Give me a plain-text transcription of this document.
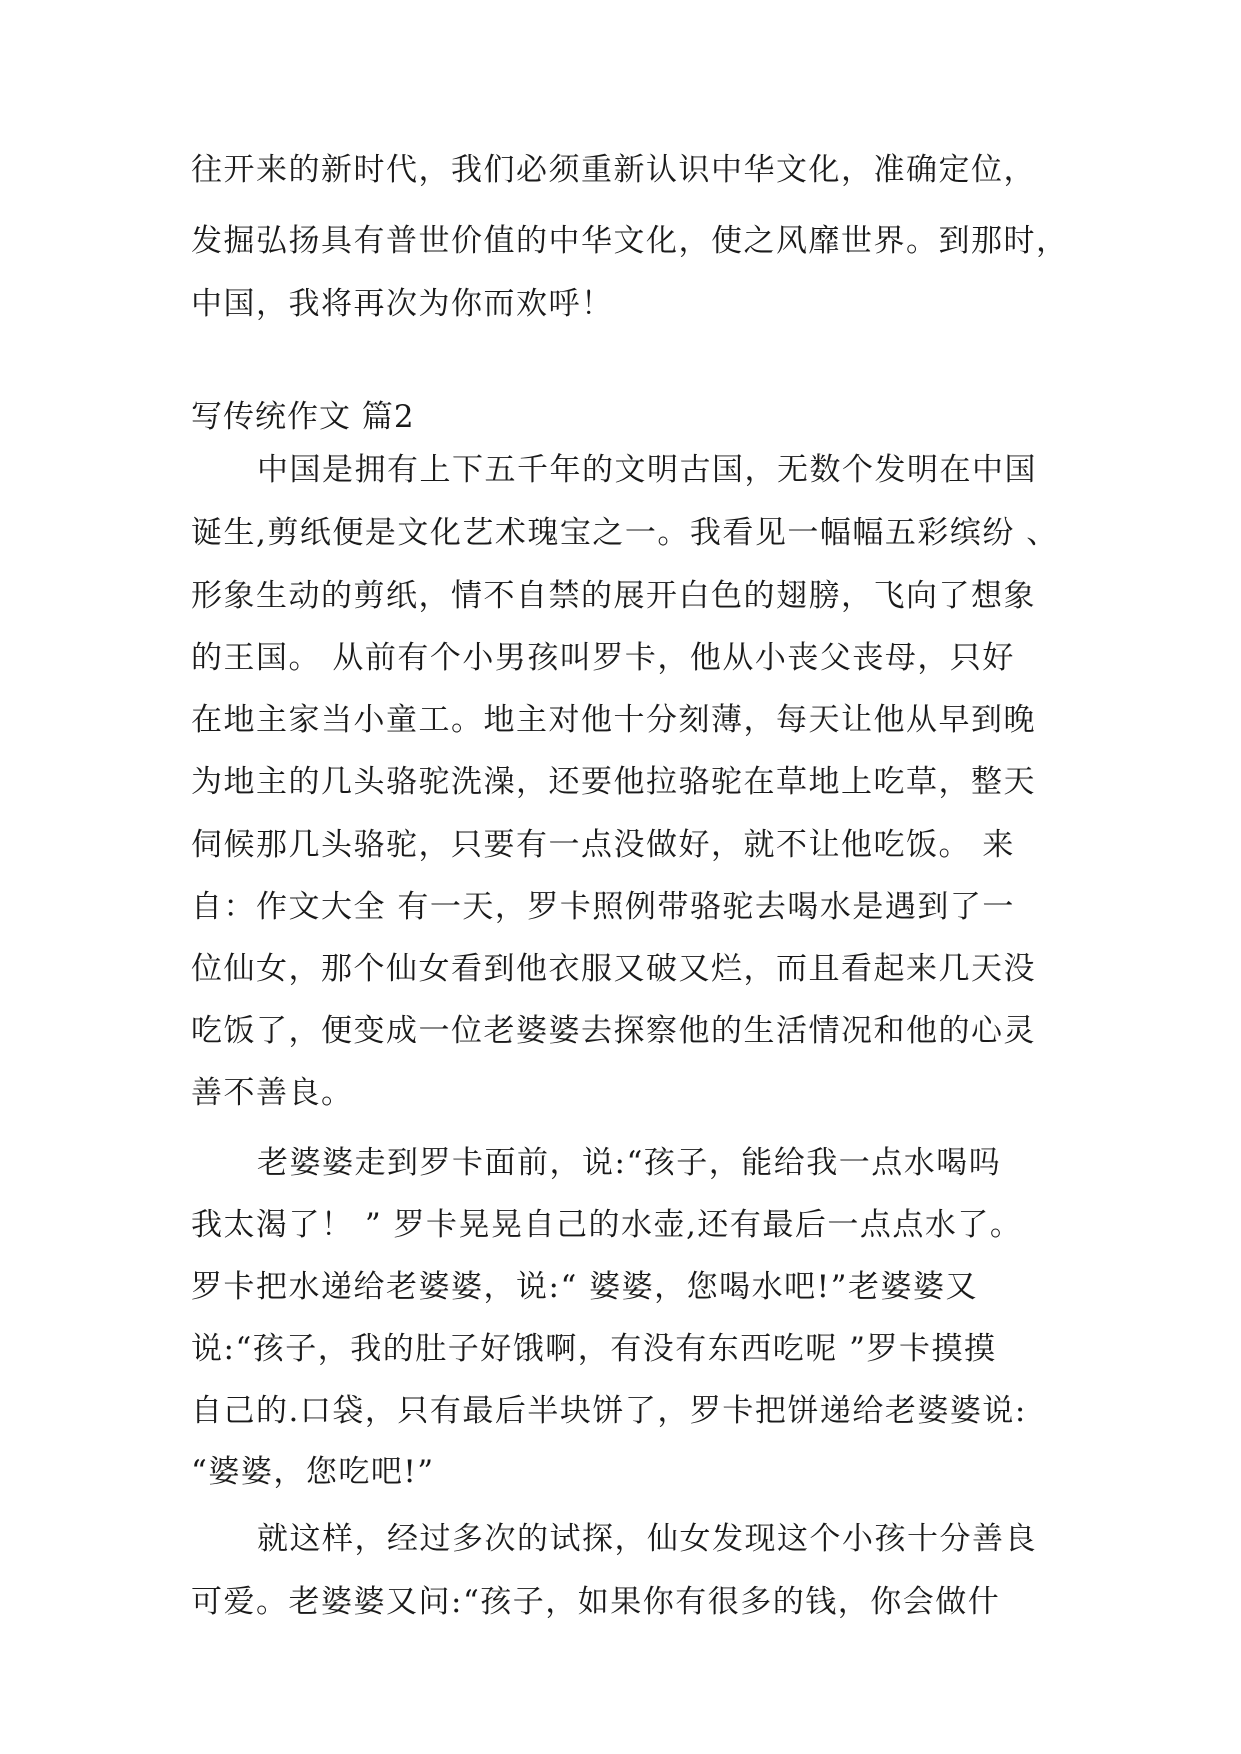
往开来的新时代，我们必须重新认识中华文化，准确定位，
发掘弘扬具有普世价值的中华文化，使之风靡世界。到那时，
中国，我将再次为你而欢呼！
写传统作文 篇2
中国是拥有上下五千年的文明古国，无数个发明在中国
诞生,剪纸便是文化艺术瑰宝之一。我看见一幅幅五彩缤纷 、
形象生动的剪纸，情不自禁的展开白色的翅膀，飞向了想象
的王国。 从前有个小男孩叫罗卡，他从小丧父丧母，只好
在地主家当小童工。地主对他十分刻薄，每天让他从早到晚
为地主的几头骆驼洗澡，还要他拉骆驼在草地上吃草，整天
伺候那几头骆驼，只要有一点没做好，就不让他吃饭。 来
自：作文大全 有一天，罗卡照例带骆驼去喝水是遇到了一
位仙女，那个仙女看到他衣服又破又烂，而且看起来几天没
吃饭了，便变成一位老婆婆去探察他的生活情况和他的心灵
善不善良。
老婆婆走到罗卡面前，说:“孩子，能给我一点水喝吗
我太渴了！ ” 罗卡晃晃自己的水壶,还有最后一点点水了。
罗卡把水递给老婆婆，说:“ 婆婆，您喝水吧!”老婆婆又
说:“孩子，我的肚子好饿啊，有没有东西吃呢 ”罗卡摸摸
自己的.口袋，只有最后半块饼了，罗卡把饼递给老婆婆说:
“婆婆，您吃吧!”
就这样，经过多次的试探，仙女发现这个小孩十分善良
可爱。老婆婆又问:“孩子，如果你有很多的钱，你会做什
